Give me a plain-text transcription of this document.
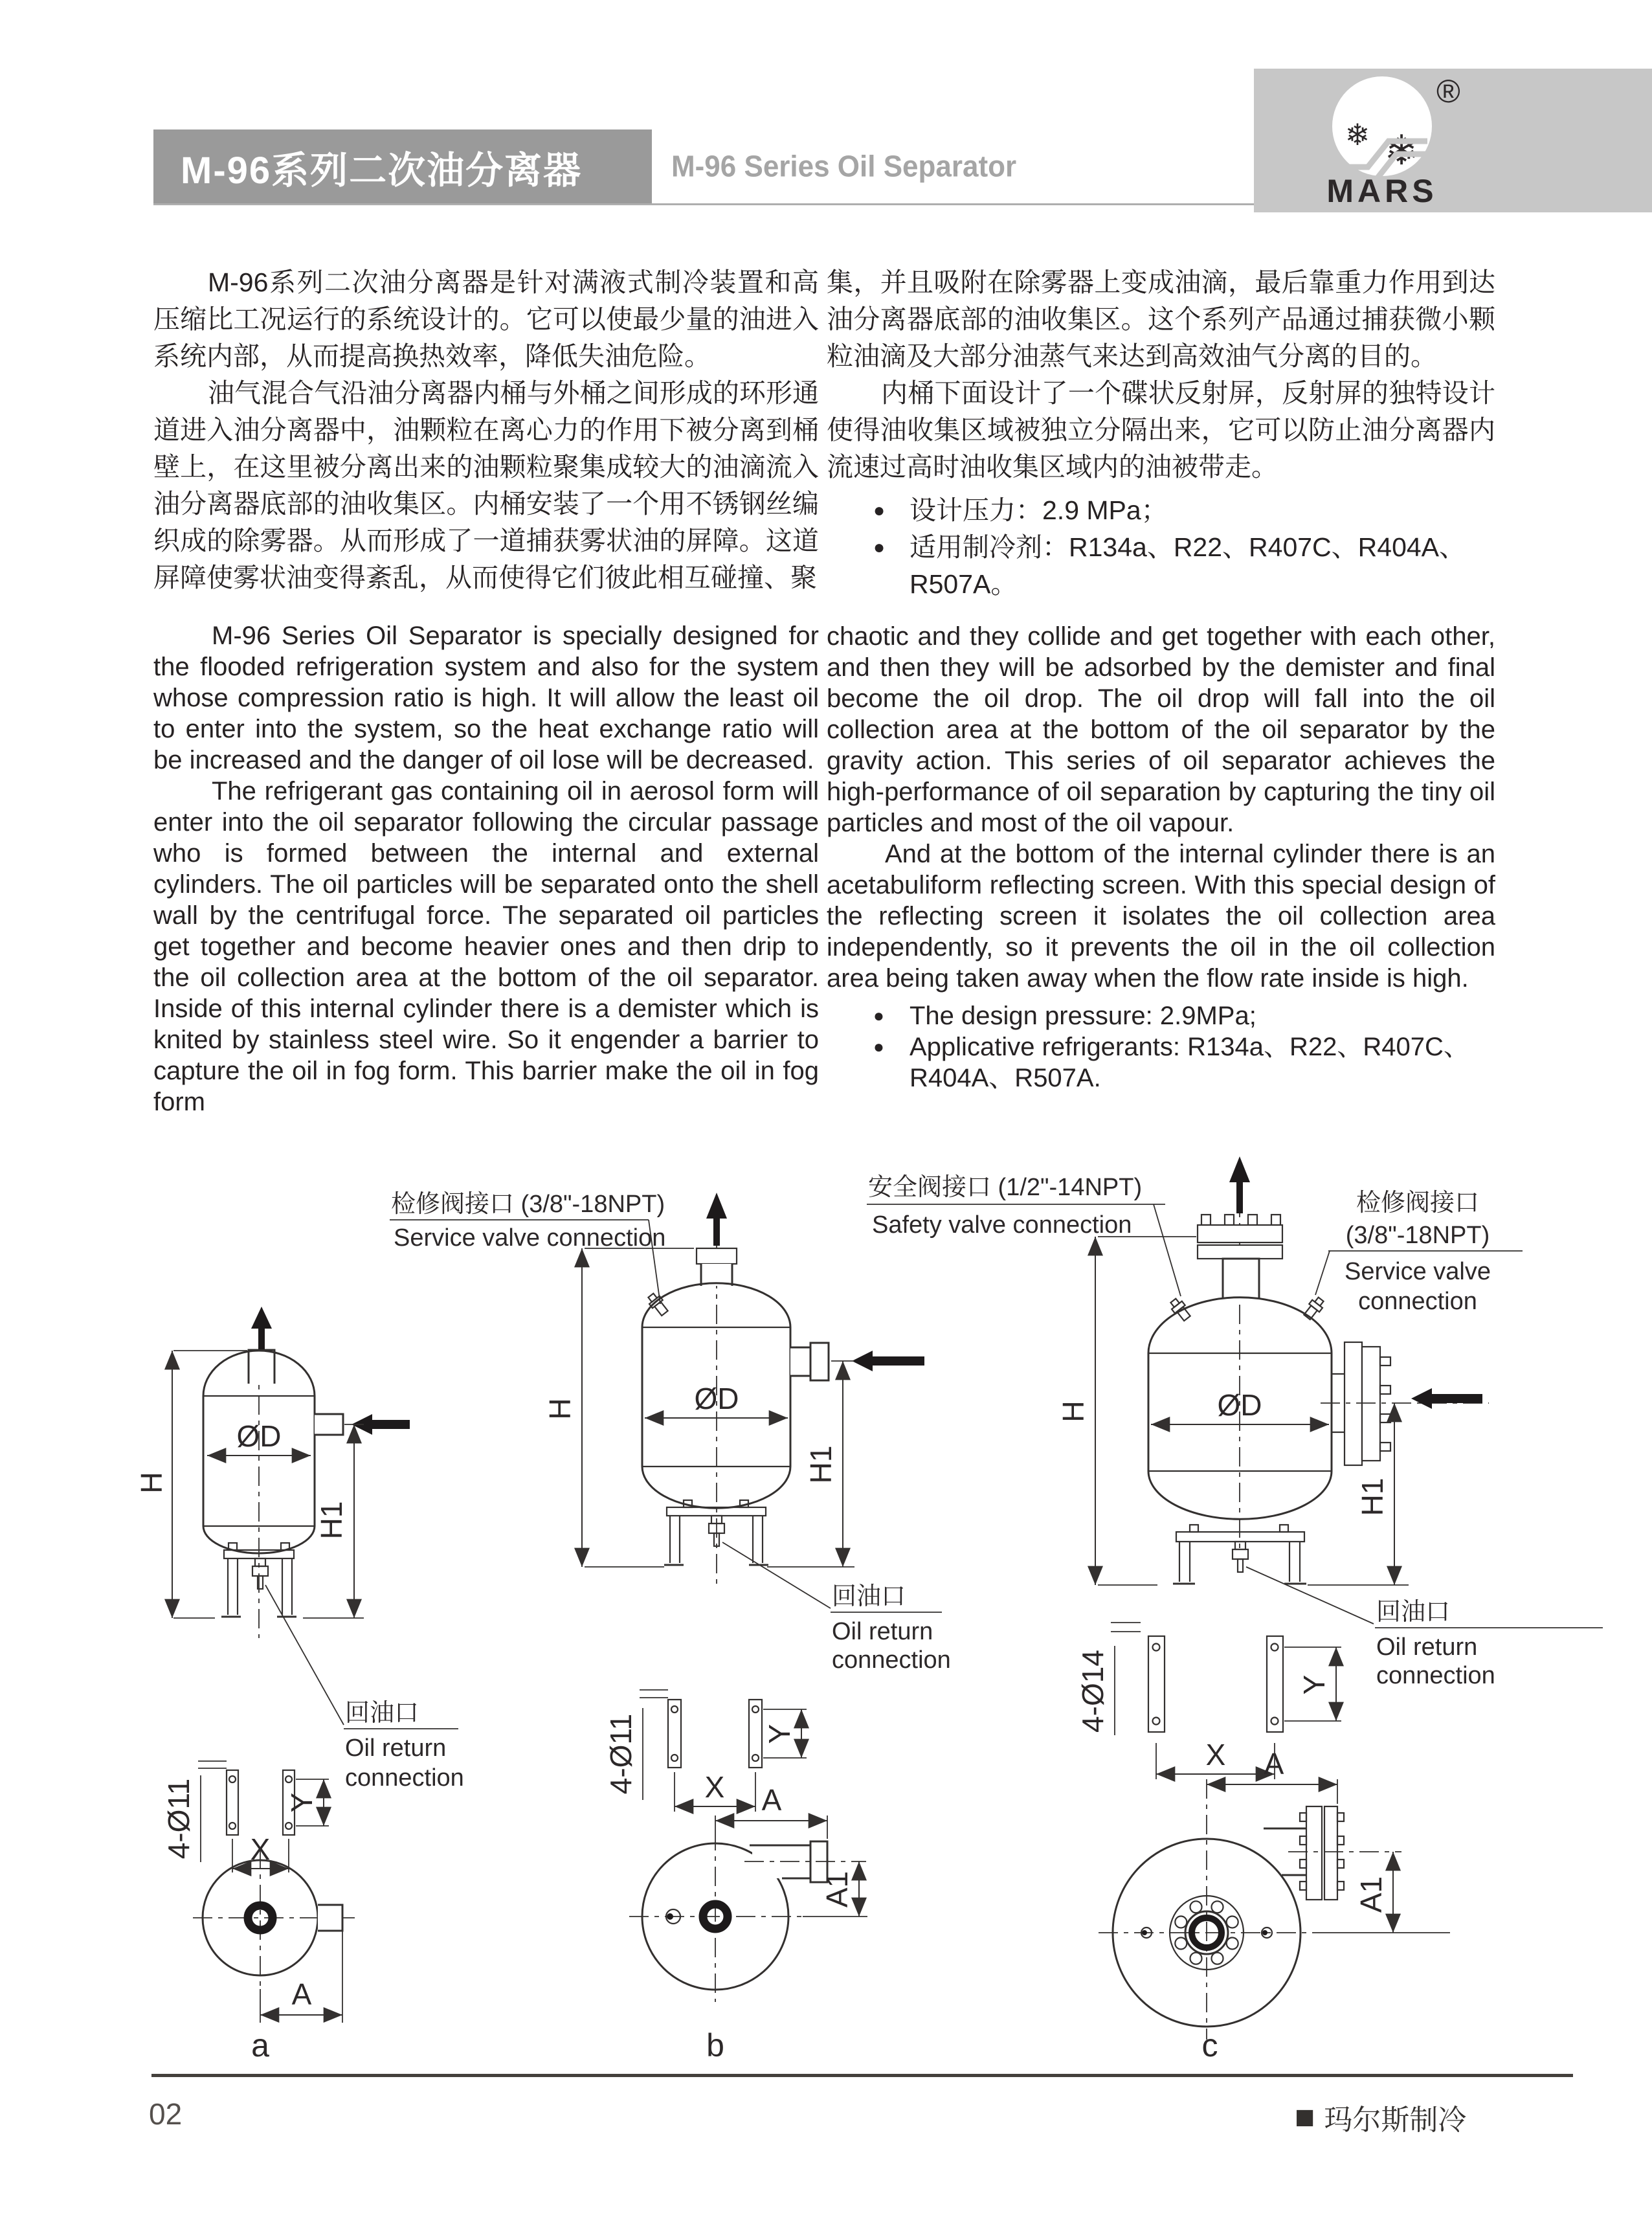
M-96系列二次油分离器	M-96 Series Oil Separator	❄
❄
®
MARS

M-96系列二次油分离器是针对满液式制冷装置和高压缩比工况运行的系统设计的。它可以使最少量的油进入系统内部，从而提高换热效率，降低失油危险。

油气混合气沿油分离器内桶与外桶之间形成的环形通道进入油分离器中，油颗粒在离心力的作用下被分离到桶壁上，在这里被分离出来的油颗粒聚集成较大的油滴流入油分离器底部的油收集区。内桶安装了一个用不锈钢丝编织成的除雾器。从而形成了一道捕获雾状油的屏障。这道屏障使雾状油变得紊乱，从而使得它们彼此相互碰撞、聚

M-96 Series Oil Separator is specially designed for the flooded refrigeration system and also for the system whose compression ratio is high. It will allow the least oil to enter into the system, so the heat exchange ratio will be increased and the danger of oil lose will be decreased.

The refrigerant gas containing oil in aerosol form will enter into the oil separator following the circular passage who is formed between the internal and external cylinders. The oil particles will be separated onto the shell wall by the centrifugal force. The separated oil particles get together and become heavier ones and then drip to the oil collection area at the bottom of the oil separator. Inside of this internal cylinder there is a demister which is knited by stainless steel wire. So it engender a barrier to capture the oil in fog form. This barrier make the oil in fog form

集，并且吸附在除雾器上变成油滴，最后靠重力作用到达油分离器底部的油收集区。这个系列产品通过捕获微小颗粒油滴及大部分油蒸气来达到高效油气分离的目的。

内桶下面设计了一个碟状反射屏，反射屏的独特设计使得油收集区域被独立分隔出来，它可以防止油分离器内流速过高时油收集区域内的油被带走。

● 设计压力：2.9 MPa；
● 适用制冷剂：R134a、R22、R407C、R404A、R507A。

chaotic and they collide and get together with each other, and then they will be adsorbed by the demister and final become the oil drop. The oil drop will fall into the oil collection area at the bottom of the oil separator by the gravity action. This series of oil separator achieves the high-performance of oil separation by capturing the tiny oil particles and most of the oil vapour.

And at the bottom of the internal cylinder there is an acetabuliform reflecting screen. With this special design of the reflecting screen it isolates the oil collection area independently, so it prevents the oil in the oil collection area being taken away when the flow rate inside is high.

● The design pressure: 2.9MPa;
● Applicative refrigerants: R134a、R22、R407C、R404A、R507A.
ØD
H
H1
回油口
Oil return
connection
检修阀接口 (3/8"-18NPT)
Service valve connection
4-Ø11	Y
X
A
a
ØD
H
H1
回油口
Oil return
connection
安全阀接口 (1/2"-14NPT)
Safety valve connection
4-Ø11	Y
X A
A1
b
ØD
H
H1
回油口
Oil return
connection
检修阀接口
(3/8"-18NPT)
Service valve
connection
4-Ø14	Y
X A
A1
c
02	■ 玛尔斯制冷
